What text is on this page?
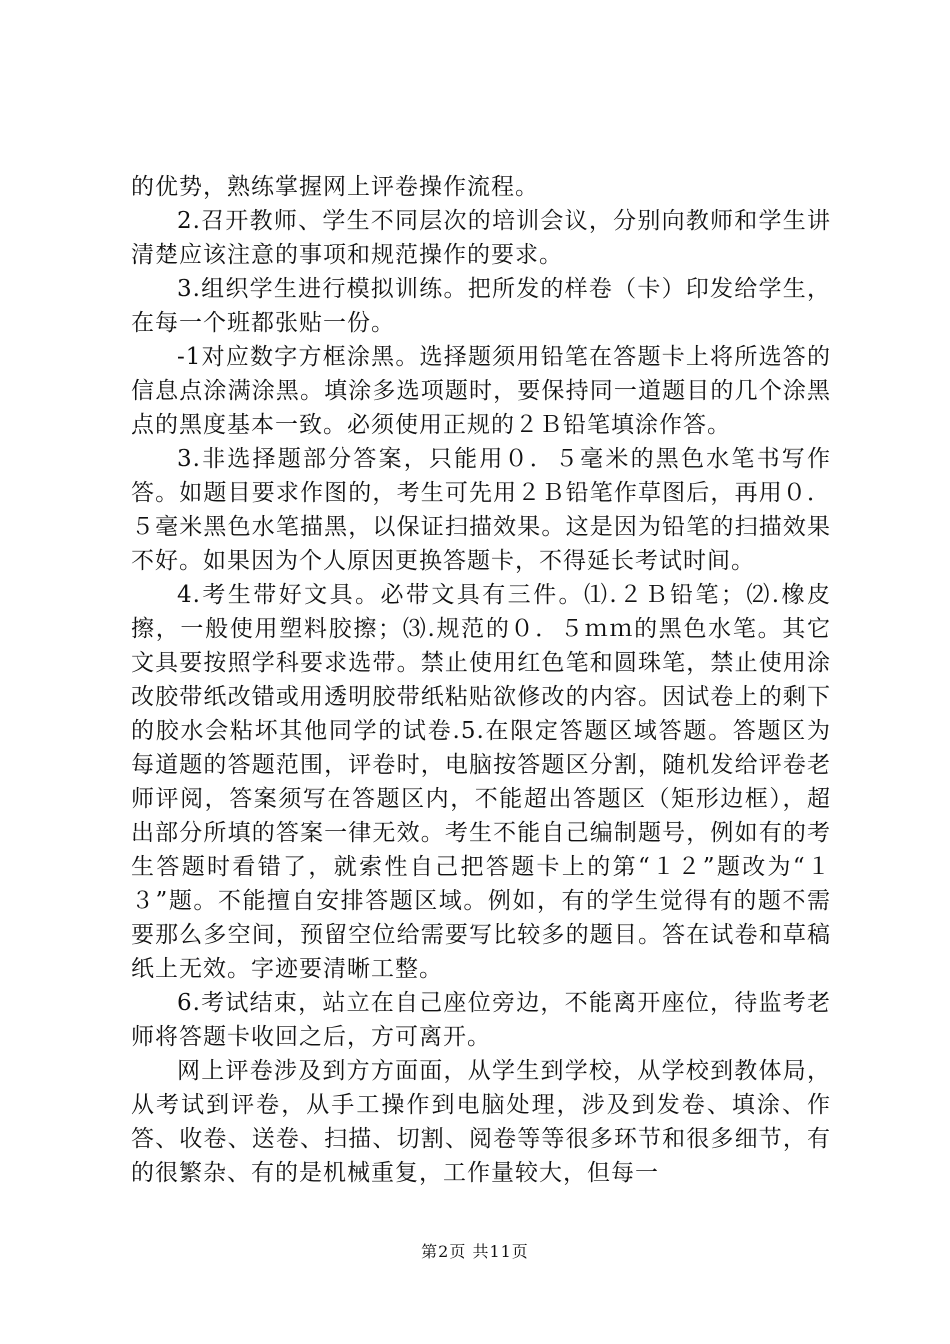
的优势，熟练掌握网上评卷操作流程。

2.召开教师、学生不同层次的培训会议，分别向教师和学生讲清楚应该注意的事项和规范操作的要求。

3.组织学生进行模拟训练。把所发的样卷（卡）印发给学生，在每一个班都张贴一份。

-1对应数字方框涂黑。选择题须用铅笔在答题卡上将所选答的信息点涂满涂黑。填涂多选项题时，要保持同一道题目的几个涂黑点的黑度基本一致。必须使用正规的２Ｂ铅笔填涂作答。

3.非选择题部分答案，只能用０．５毫米的黑色水笔书写作答。如题目要求作图的，考生可先用２Ｂ铅笔作草图后，再用０．５毫米黑色水笔描黑，以保证扫描效果。这是因为铅笔的扫描效果不好。如果因为个人原因更换答题卡，不得延长考试时间。

4.考生带好文具。必带文具有三件。⑴.２Ｂ铅笔；⑵.橡皮擦，一般使用塑料胶擦；⑶.规范的０．５ｍｍ的黑色水笔。其它文具要按照学科要求选带。禁止使用红色笔和圆珠笔，禁止使用涂改胶带纸改错或用透明胶带纸粘贴欲修改的内容。因试卷上的剩下的胶水会粘坏其他同学的试卷.5.在限定答题区域答题。答题区为每道题的答题范围，评卷时，电脑按答题区分割，随机发给评卷老师评阅，答案须写在答题区内，不能超出答题区（矩形边框），超出部分所填的答案一律无效。考生不能自己编制题号，例如有的考生答题时看错了，就索性自己把答题卡上的第“１２”题改为“１３”题。不能擅自安排答题区域。例如，有的学生觉得有的题不需要那么多空间，预留空位给需要写比较多的题目。答在试卷和草稿纸上无效。字迹要清晰工整。

6.考试结束，站立在自己座位旁边，不能离开座位，待监考老师将答题卡收回之后，方可离开。

网上评卷涉及到方方面面，从学生到学校，从学校到教体局，从考试到评卷，从手工操作到电脑处理，涉及到发卷、填涂、作答、收卷、送卷、扫描、切割、阅卷等等很多环节和很多细节，有的很繁杂、有的是机械重复，工作量较大，但每一

第2页 共11页
